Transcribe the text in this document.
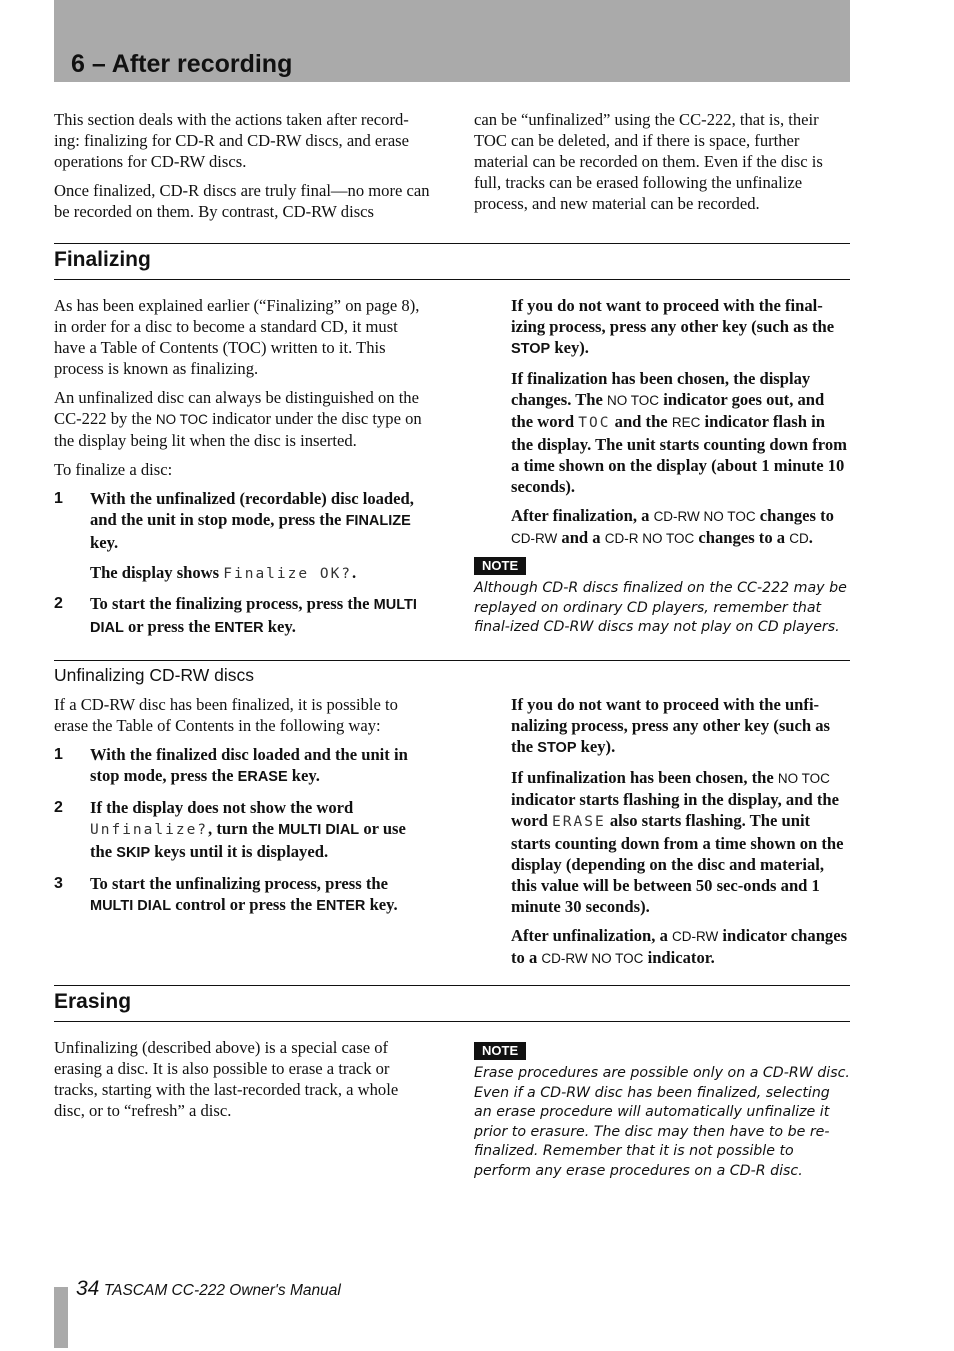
6 – After recording

This section deals with the actions taken after record-ing: finalizing for CD-R and CD-RW discs, and erase operations for CD-RW discs.

Once finalized, CD-R discs are truly final—no more can be recorded on them. By contrast, CD-RW discs

can be “unfinalized” using the CC-222, that is, their TOC can be deleted, and if there is space, further material can be recorded on them. Even if the disc is full, tracks can be erased following the unfinalize process, and new material can be recorded.

Finalizing

As has been explained earlier (“Finalizing” on page 8), in order for a disc to become a standard CD, it must have a Table of Contents (TOC) written to it. This process is known as finalizing.

An unfinalized disc can always be distinguished on the CC-222 by the NO TOC indicator under the disc type on the display being lit when the disc is inserted.

To finalize a disc:

1 With the unfinalized (recordable) disc loaded, and the unit in stop mode, press the FINALIZE key.

The display shows Finalize OK?.

2 To start the finalizing process, press the MULTI DIAL or press the ENTER key.

If you do not want to proceed with the final-izing process, press any other key (such as the STOP key).

If finalization has been chosen, the display changes. The NO TOC indicator goes out, and the word TOC and the REC indicator flash in the display. The unit starts counting down from a time shown on the display (about 1 minute 10 seconds).

After finalization, a CD-RW NO TOC changes to CD-RW and a CD-R NO TOC changes to a CD.

NOTE

Although CD-R discs finalized on the CC-222 may be replayed on ordinary CD players, remember that final-ized CD-RW discs may not play on CD players.

Unfinalizing CD-RW discs

If a CD-RW disc has been finalized, it is possible to erase the Table of Contents in the following way:

1 With the finalized disc loaded and the unit in stop mode, press the ERASE key.
2 If the display does not show the word Unfinalize?, turn the MULTI DIAL or use the SKIP keys until it is displayed.
3 To start the unfinalizing process, press the MULTI DIAL control or press the ENTER key.

If you do not want to proceed with the unfi-nalizing process, press any other key (such as the STOP key).

If unfinalization has been chosen, the NO TOC indicator starts flashing in the display, and the word ERASE also starts flashing. The unit starts counting down from a time shown on the display (depending on the disc and material, this value will be between 50 sec-onds and 1 minute 30 seconds).

After unfinalization, a CD-RW indicator changes to a CD-RW NO TOC indicator.

Erasing

Unfinalizing (described above) is a special case of erasing a disc. It is also possible to erase a track or tracks, starting with the last-recorded track, a whole disc, or to “refresh” a disc.

NOTE

Erase procedures are possible only on a CD-RW disc. Even if a CD-RW disc has been finalized, selecting an erase procedure will automatically unfinalize it prior to erasure. The disc may then have to be re-finalized. Remember that it is not possible to perform any erase procedures on a CD-R disc.

34 TASCAM CC-222 Owner's Manual
